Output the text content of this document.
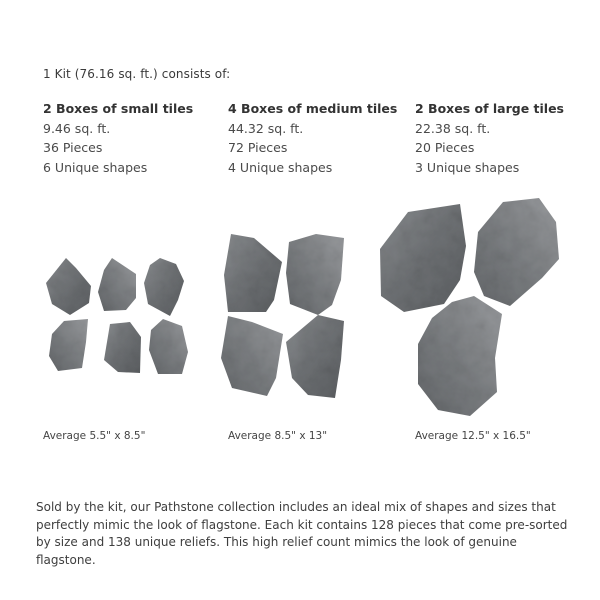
1 Kit (76.16 sq. ft.) consists of:
2 Boxes of small tiles
9.46 sq. ft.
36 Pieces
6 Unique shapes
4 Boxes of medium tiles
44.32 sq. ft.
72 Pieces
4 Unique shapes
2 Boxes of large tiles
22.38 sq. ft.
20 Pieces
3 Unique shapes
Average 5.5" x 8.5"	Average 8.5" x 13"	Average 12.5" x 16.5"
Sold by the kit, our Pathstone collection includes an ideal mix of shapes and sizes that perfectly mimic the look of flagstone. Each kit contains 128 pieces that come pre-sorted by size and 138 unique reliefs. This high relief count mimics the look of genuine flagstone.
